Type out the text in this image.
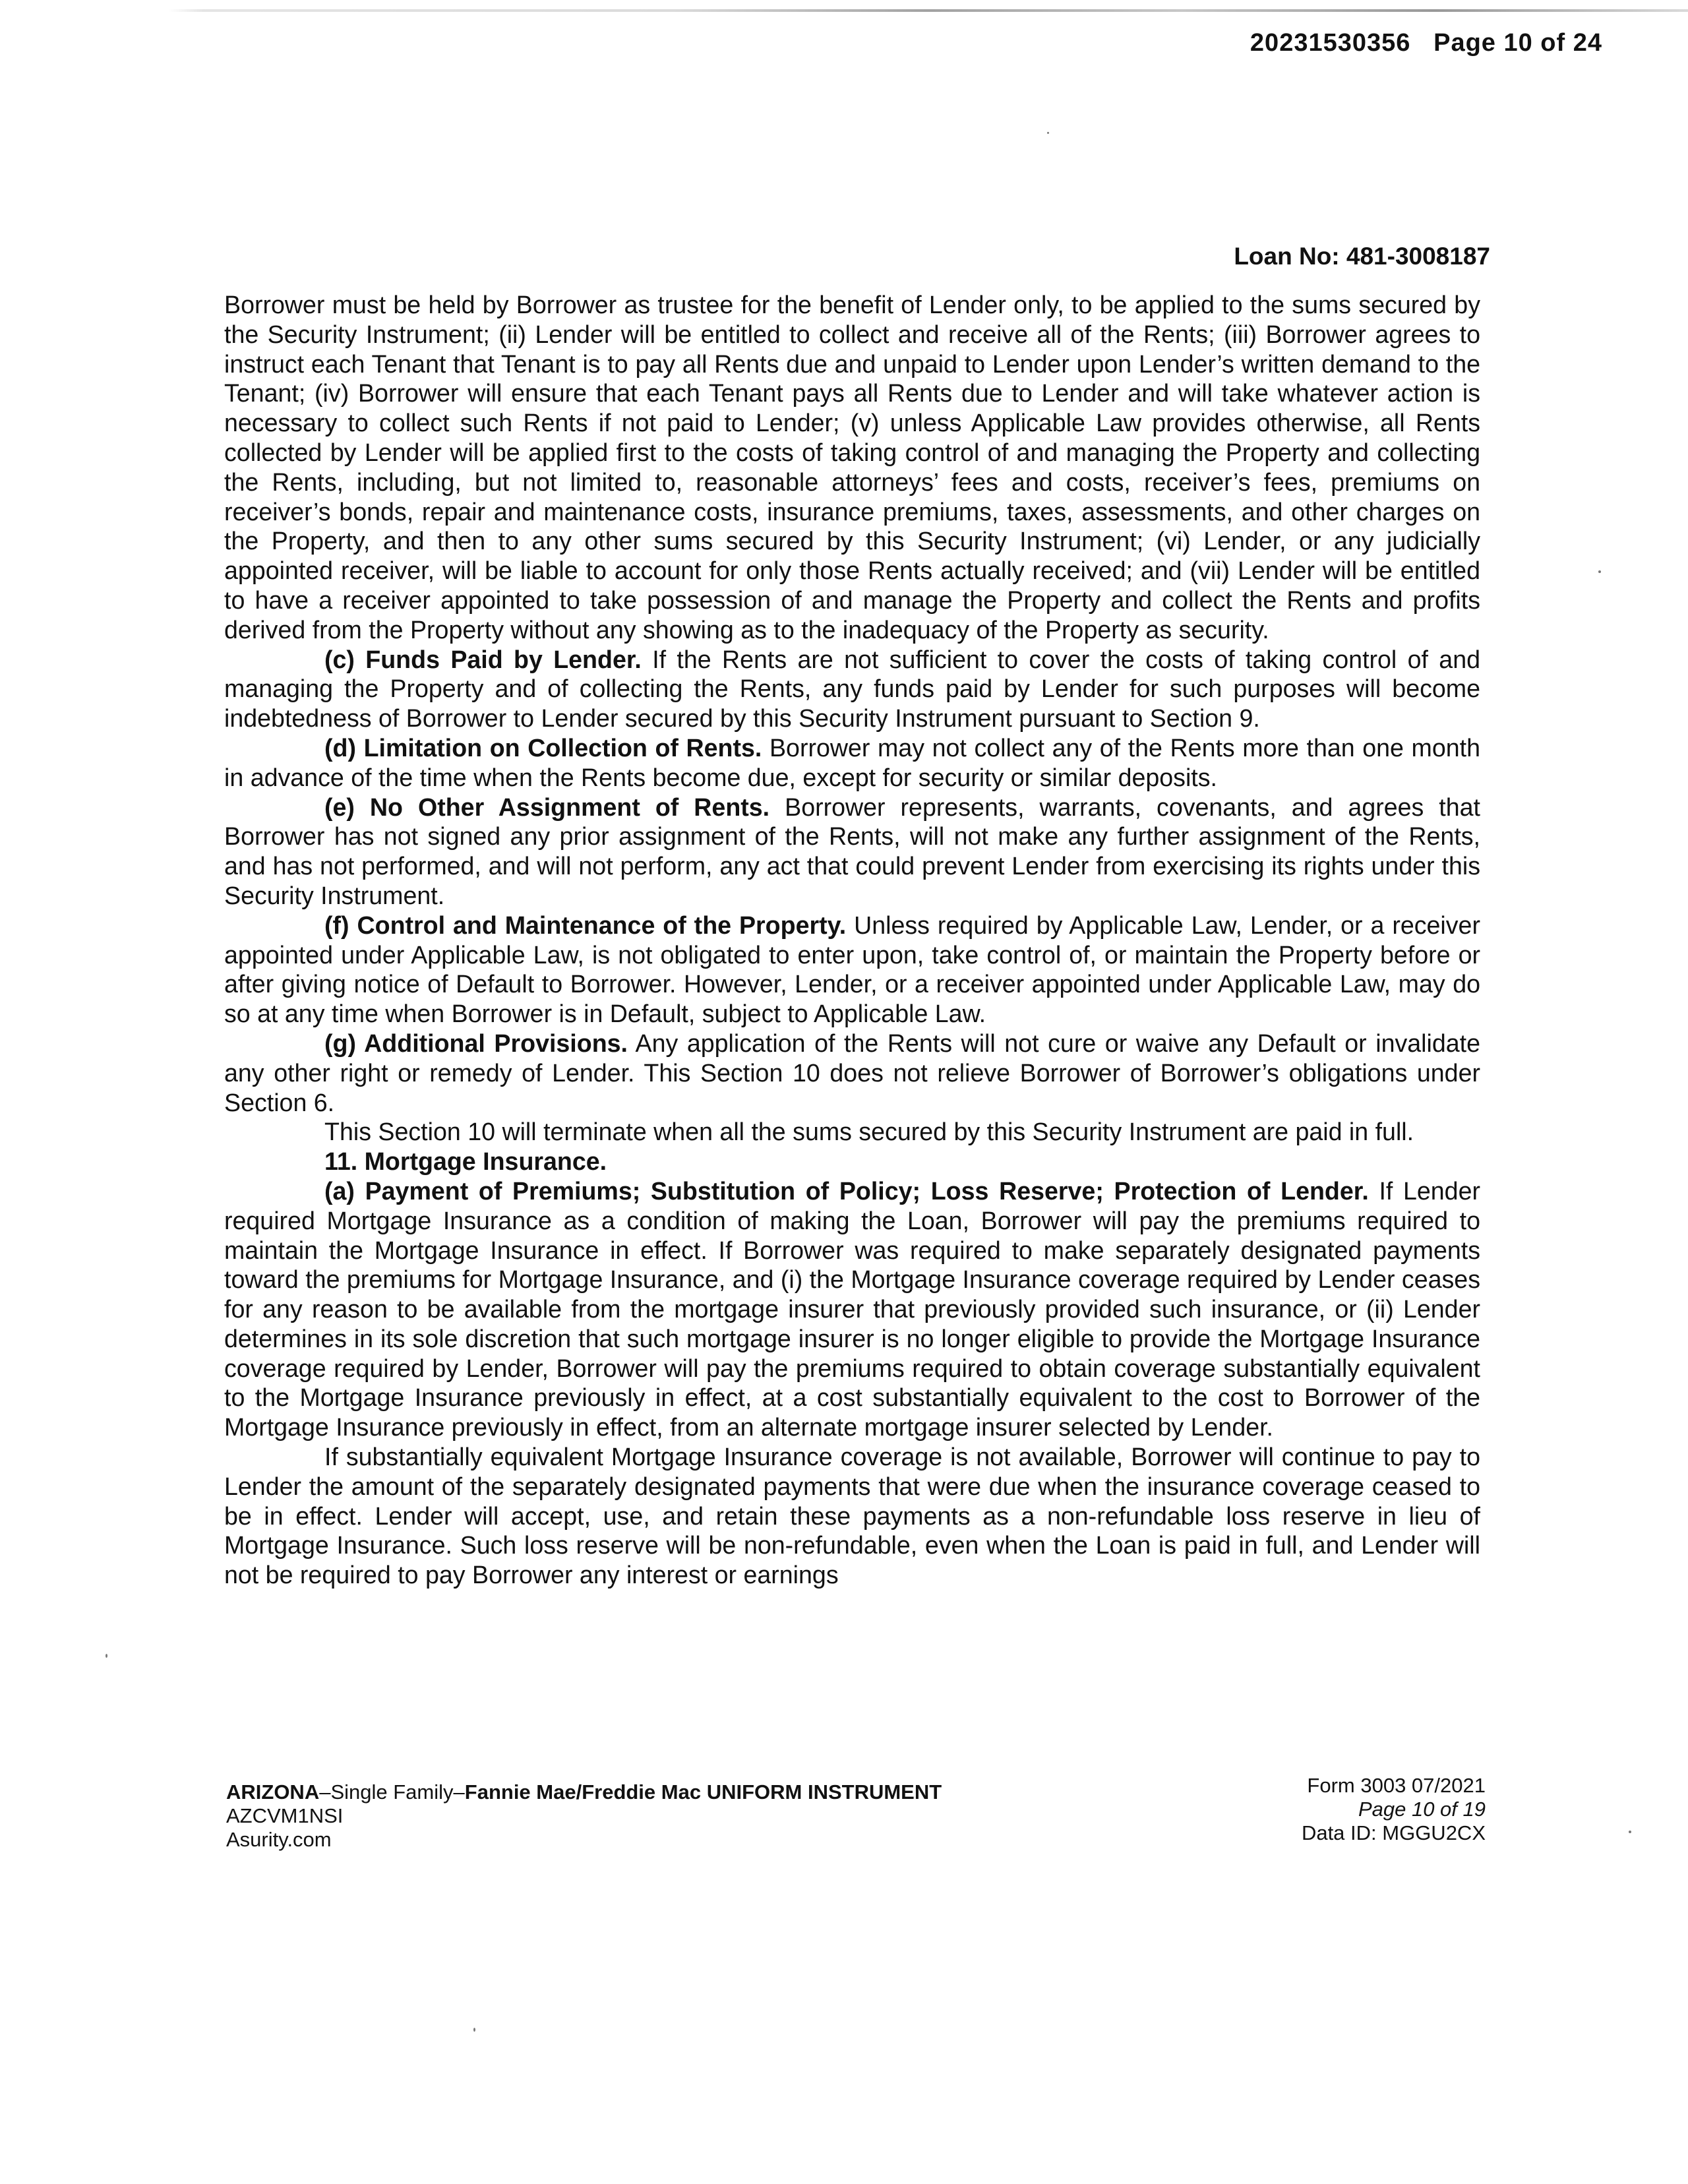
20231530356 Page 10 of 24
Loan No: 481-3008187

Borrower must be held by Borrower as trustee for the benefit of Lender only, to be applied to the sums secured by the Security Instrument; (ii) Lender will be entitled to collect and receive all of the Rents; (iii) Borrower agrees to instruct each Tenant that Tenant is to pay all Rents due and unpaid to Lender upon Lender’s written demand to the Tenant; (iv) Borrower will ensure that each Tenant pays all Rents due to Lender and will take whatever action is necessary to collect such Rents if not paid to Lender; (v) unless Applicable Law provides otherwise, all Rents collected by Lender will be applied first to the costs of taking control of and managing the Property and collecting the Rents, including, but not limited to, reasonable attorneys’ fees and costs, receiver’s fees, premiums on receiver’s bonds, repair and maintenance costs, insurance premiums, taxes, assessments, and other charges on the Property, and then to any other sums secured by this Security Instrument; (vi) Lender, or any judicially appointed receiver, will be liable to account for only those Rents actually received; and (vii) Lender will be entitled to have a receiver appointed to take possession of and manage the Property and collect the Rents and profits derived from the Property without any showing as to the inadequacy of the Property as security.

(c) Funds Paid by Lender. If the Rents are not sufficient to cover the costs of taking control of and managing the Property and of collecting the Rents, any funds paid by Lender for such purposes will become indebtedness of Borrower to Lender secured by this Security Instrument pursuant to Section 9.

(d) Limitation on Collection of Rents. Borrower may not collect any of the Rents more than one month in advance of the time when the Rents become due, except for security or similar deposits.

(e) No Other Assignment of Rents. Borrower represents, warrants, covenants, and agrees that Borrower has not signed any prior assignment of the Rents, will not make any further assignment of the Rents, and has not performed, and will not perform, any act that could prevent Lender from exercising its rights under this Security Instrument.

(f) Control and Maintenance of the Property. Unless required by Applicable Law, Lender, or a receiver appointed under Applicable Law, is not obligated to enter upon, take control of, or maintain the Property before or after giving notice of Default to Borrower. However, Lender, or a receiver appointed under Applicable Law, may do so at any time when Borrower is in Default, subject to Applicable Law.

(g) Additional Provisions. Any application of the Rents will not cure or waive any Default or invalidate any other right or remedy of Lender. This Section 10 does not relieve Borrower of Borrower’s obligations under Section 6.

This Section 10 will terminate when all the sums secured by this Security Instrument are paid in full.

11. Mortgage Insurance.

(a) Payment of Premiums; Substitution of Policy; Loss Reserve; Protection of Lender. If Lender required Mortgage Insurance as a condition of making the Loan, Borrower will pay the premiums required to maintain the Mortgage Insurance in effect. If Borrower was required to make separately designated payments toward the premiums for Mortgage Insurance, and (i) the Mortgage Insurance coverage required by Lender ceases for any reason to be available from the mortgage insurer that previously provided such insurance, or (ii) Lender determines in its sole discretion that such mortgage insurer is no longer eligible to provide the Mortgage Insurance coverage required by Lender, Borrower will pay the premiums required to obtain coverage substantially equivalent to the Mortgage Insurance previously in effect, at a cost substantially equivalent to the cost to Borrower of the Mortgage Insurance previously in effect, from an alternate mortgage insurer selected by Lender.

If substantially equivalent Mortgage Insurance coverage is not available, Borrower will continue to pay to Lender the amount of the separately designated payments that were due when the insurance coverage ceased to be in effect. Lender will accept, use, and retain these payments as a non-refundable loss reserve in lieu of Mortgage Insurance. Such loss reserve will be non-refundable, even when the Loan is paid in full, and Lender will not be required to pay Borrower any interest or earnings

ARIZONA–Single Family–Fannie Mae/Freddie Mac UNIFORM INSTRUMENT
AZCVM1NSI
Asurity.com
Form 3003 07/2021
Page 10 of 19
Data ID: MGGU2CX
